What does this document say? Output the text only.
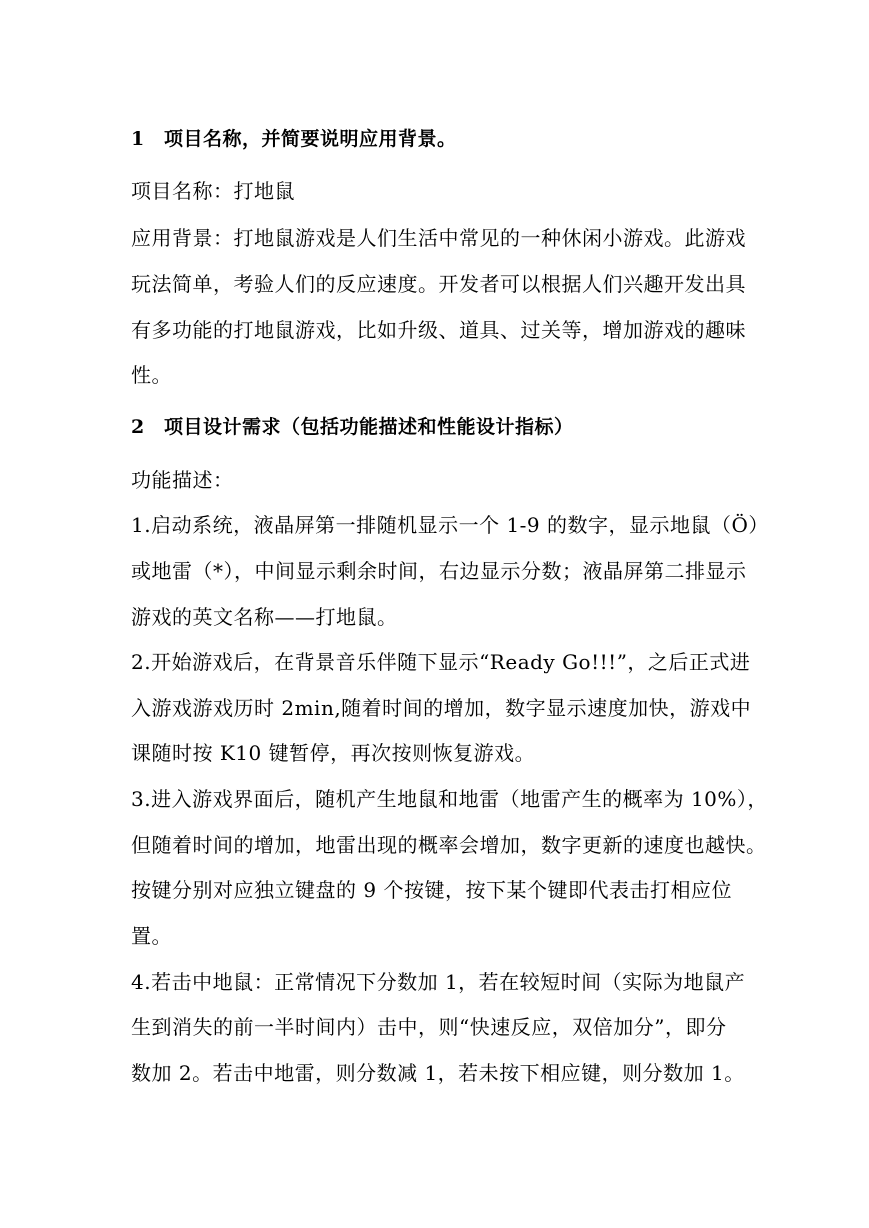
1 项目名称，并简要说明应用背景。
项目名称：打地鼠
应用背景：打地鼠游戏是人们生活中常见的一种休闲小游戏。此游戏
玩法简单，考验人们的反应速度。开发者可以根据人们兴趣开发出具
有多功能的打地鼠游戏，比如升级、道具、过关等，增加游戏的趣味
性。
2 项目设计需求（包括功能描述和性能设计指标）
功能描述：
1.启动系统，液晶屏第一排随机显示一个 1-9 的数字，显示地鼠（Ö）
或地雷（*），中间显示剩余时间，右边显示分数；液晶屏第二排显示
游戏的英文名称——打地鼠。
2.开始游戏后，在背景音乐伴随下显示“Ready Go!!!”，之后正式进
入游戏游戏历时 2min,随着时间的增加，数字显示速度加快，游戏中
课随时按 K10 键暂停，再次按则恢复游戏。
3.进入游戏界面后，随机产生地鼠和地雷（地雷产生的概率为 10%），
但随着时间的增加，地雷出现的概率会增加，数字更新的速度也越快。
按键分别对应独立键盘的 9 个按键，按下某个键即代表击打相应位
置。
4.若击中地鼠：正常情况下分数加 1，若在较短时间（实际为地鼠产
生到消失的前一半时间内）击中，则“快速反应，双倍加分”，即分
数加 2。若击中地雷，则分数减 1，若未按下相应键，则分数加 1。
